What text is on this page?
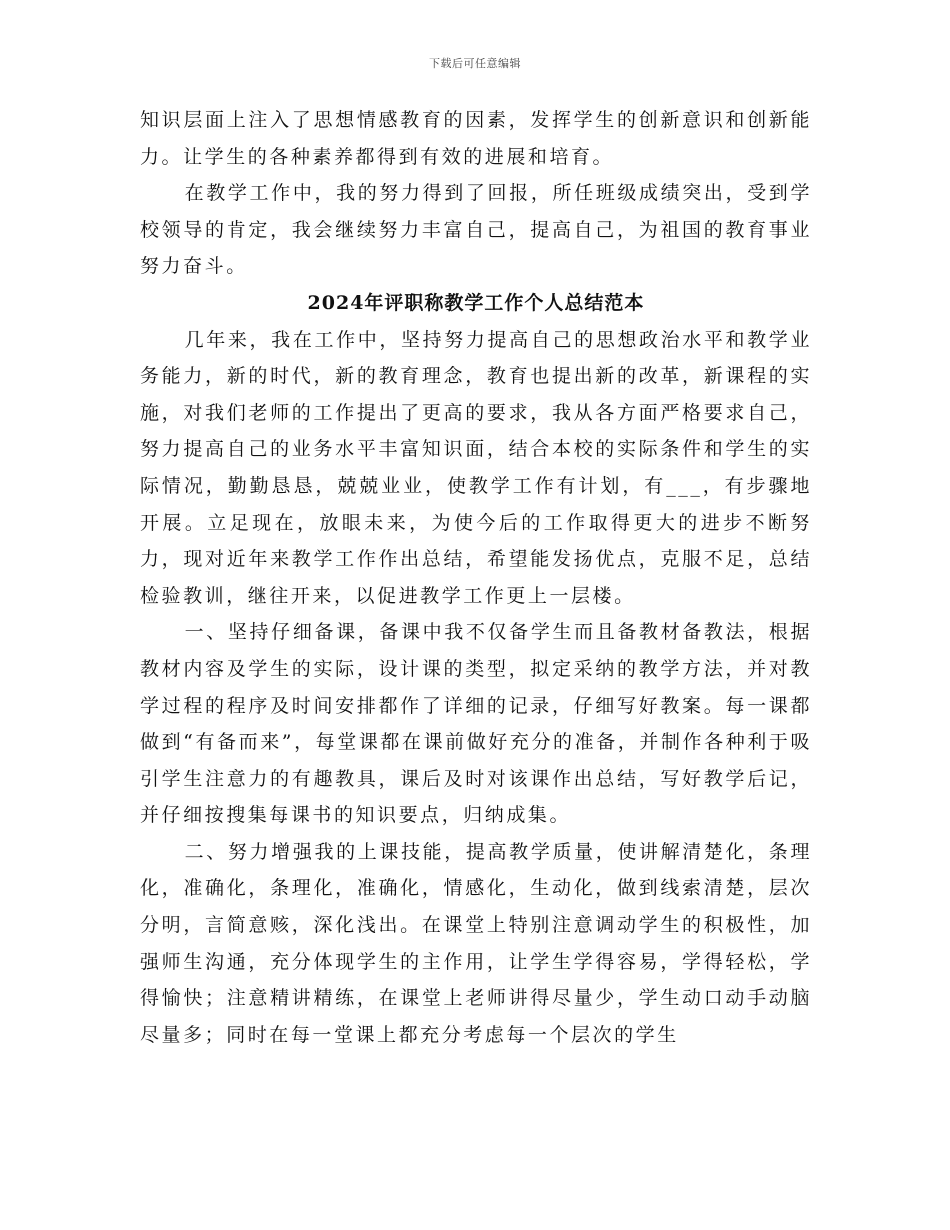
下载后可任意编辑

知识层面上注入了思想情感教育的因素，发挥学生的创新意识和创新能力。让学生的各种素养都得到有效的进展和培育。

在教学工作中，我的努力得到了回报，所任班级成绩突出，受到学校领导的肯定，我会继续努力丰富自己，提高自己，为祖国的教育事业努力奋斗。

2024年评职称教学工作个人总结范本

几年来，我在工作中，坚持努力提高自己的思想政治水平和教学业务能力，新的时代，新的教育理念，教育也提出新的改革，新课程的实施，对我们老师的工作提出了更高的要求，我从各方面严格要求自己，努力提高自己的业务水平丰富知识面，结合本校的实际条件和学生的实际情况，勤勤恳恳，兢兢业业，使教学工作有计划，有___，有步骤地开展。立足现在，放眼未来，为使今后的工作取得更大的进步不断努力，现对近年来教学工作作出总结，希望能发扬优点，克服不足，总结检验教训，继往开来，以促进教学工作更上一层楼。

一、坚持仔细备课，备课中我不仅备学生而且备教材备教法，根据教材内容及学生的实际，设计课的类型，拟定采纳的教学方法，并对教学过程的程序及时间安排都作了详细的记录，仔细写好教案。每一课都做到“有备而来”，每堂课都在课前做好充分的准备，并制作各种利于吸引学生注意力的有趣教具，课后及时对该课作出总结，写好教学后记，并仔细按搜集每课书的知识要点，归纳成集。

二、努力增强我的上课技能，提高教学质量，使讲解清楚化，条理化，准确化，条理化，准确化，情感化，生动化，做到线索清楚，层次分明，言简意赅，深化浅出。在课堂上特别注意调动学生的积极性，加强师生沟通，充分体现学生的主作用，让学生学得容易，学得轻松，学得愉快；注意精讲精练，在课堂上老师讲得尽量少，学生动口动手动脑尽量多；同时在每一堂课上都充分考虑每一个层次的学生
